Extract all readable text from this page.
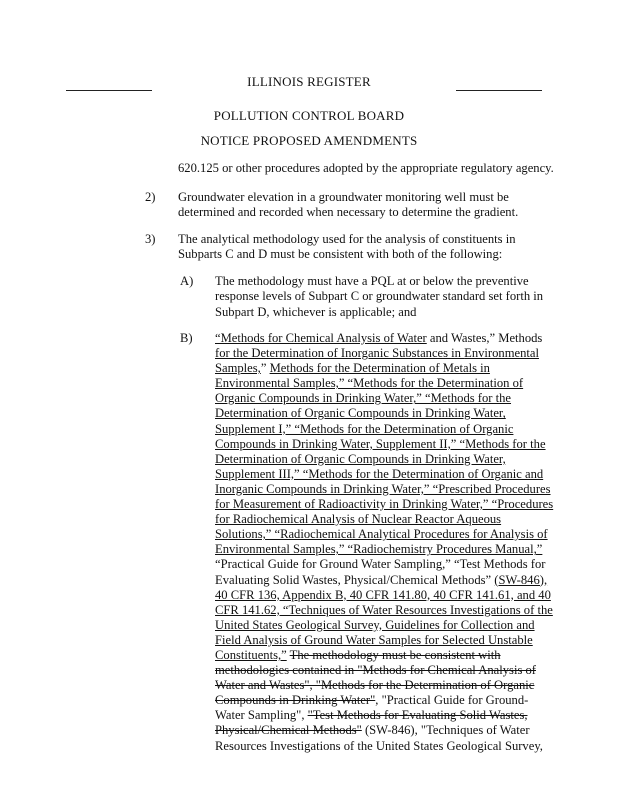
ILLINOIS REGISTER
POLLUTION CONTROL BOARD
NOTICE PROPOSED AMENDMENTS
620.125 or other procedures adopted by the appropriate regulatory agency.
2) Groundwater elevation in a groundwater monitoring well must be
determined and recorded when necessary to determine the gradient.
3) The analytical methodology used for the analysis of constituents in
Subparts C and D must be consistent with both of the following:
A) The methodology must have a PQL at or below the preventive
response levels of Subpart C or groundwater standard set forth in
Subpart D, whichever is applicable; and
B) “Methods for Chemical Analysis of Water and Wastes,” Methods
for the Determination of Inorganic Substances in Environmental
Samples,” Methods for the Determination of Metals in
Environmental Samples,” “Methods for the Determination of
Organic Compounds in Drinking Water,” “Methods for the
Determination of Organic Compounds in Drinking Water,
Supplement I,” “Methods for the Determination of Organic
Compounds in Drinking Water, Supplement II,” “Methods for the
Determination of Organic Compounds in Drinking Water,
Supplement III,” “Methods for the Determination of Organic and
Inorganic Compounds in Drinking Water,” “Prescribed Procedures
for Measurement of Radioactivity in Drinking Water,” “Procedures
for Radiochemical Analysis of Nuclear Reactor Aqueous
Solutions,” “Radiochemical Analytical Procedures for Analysis of
Environmental Samples,” “Radiochemistry Procedures Manual,”
“Practical Guide for Ground Water Sampling,” “Test Methods for
Evaluating Solid Wastes, Physical/Chemical Methods” (SW-846),
40 CFR 136, Appendix B, 40 CFR 141.80, 40 CFR 141.61, and 40
CFR 141.62, “Techniques of Water Resources Investigations of the
United States Geological Survey, Guidelines for Collection and
Field Analysis of Ground Water Samples for Selected Unstable
Constituents,” The methodology must be consistent with
methodologies contained in "Methods for Chemical Analysis of
Water and Wastes", "Methods for the Determination of Organic
Compounds in Drinking Water", "Practical Guide for Ground-
Water Sampling", "Test Methods for Evaluating Solid Wastes,
Physical/Chemical Methods" (SW-846), "Techniques of Water
Resources Investigations of the United States Geological Survey,
